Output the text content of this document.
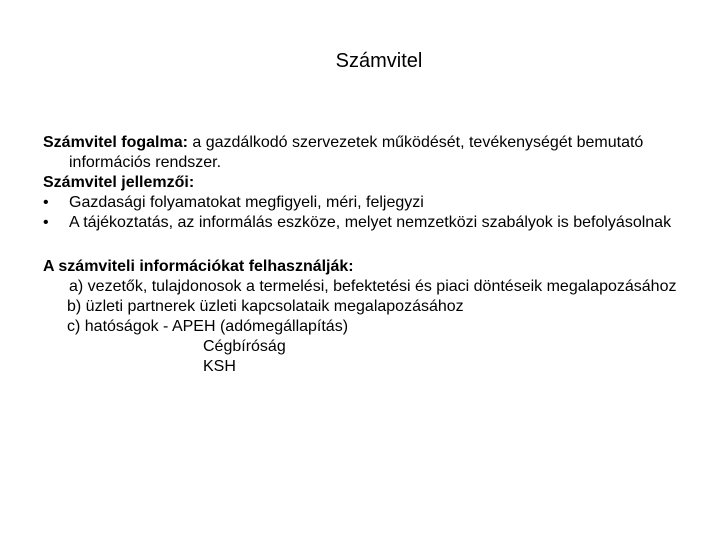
Számvitel

Számvitel fogalma: a gazdálkodó szervezetek működését, tevékenységét bemutató információs rendszer.

Számvitel jellemzői:

•	Gazdasági folyamatokat megfigyeli, méri, feljegyzi
•	A tájékoztatás, az informálás eszköze, melyet nemzetközi szabályok is befolyásolnak

A számviteli információkat felhasználják:

a) vezetők, tulajdonosok a termelési, befektetési és piaci döntéseik megalapozásához

b) üzleti partnerek üzleti kapcsolataik megalapozásához

c) hatóságok - APEH (adómegállapítás)

Cégbíróság

KSH
